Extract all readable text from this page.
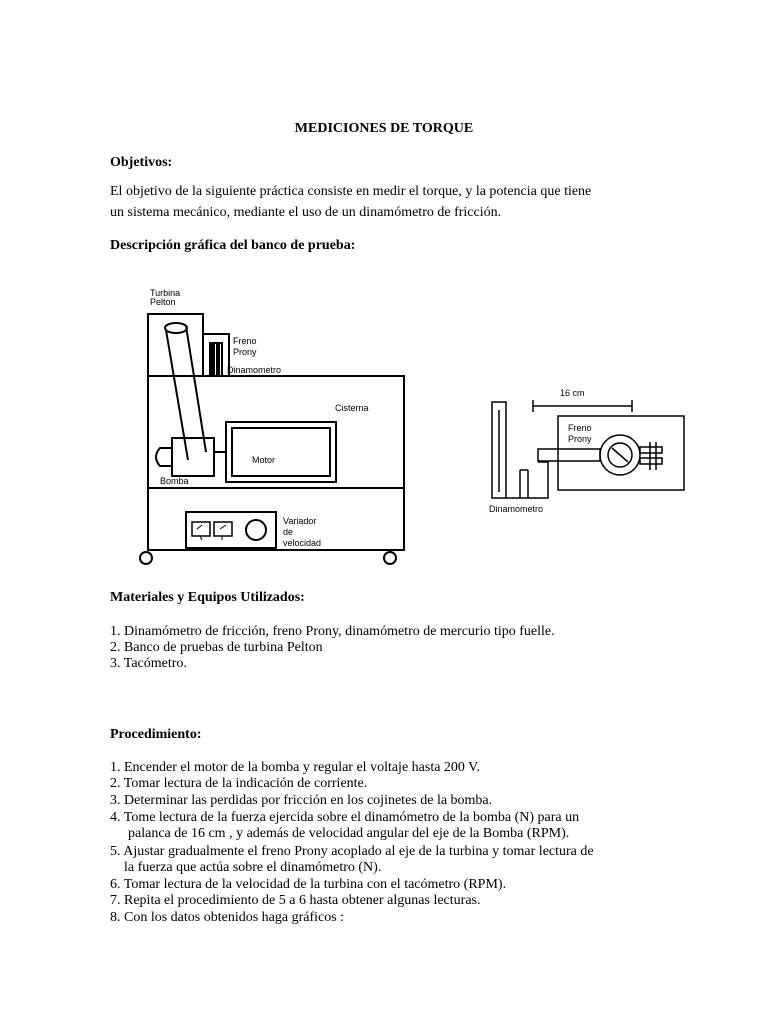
MEDICIONES DE TORQUE
Objetivos:
El objetivo de la siguiente práctica consiste en medir el torque, y la potencia que tiene
un sistema mecánico, mediante el uso de un dinamómetro de fricción.
Descripción gráfica del banco de prueba:
Turbina
Pelton
Freno
Prony
Dinamometro
Cisterna
Motor
Bomba
Variador
de
velocidad
16 cm
Freno
Prony
Dinamometro
Materiales y Equipos Utilizados:
1. Dinamómetro de fricción, freno Prony, dinamómetro de mercurio tipo fuelle.
2. Banco de pruebas de turbina Pelton
3. Tacómetro.
Procedimiento:
1. Encender el motor de la bomba y regular el voltaje hasta 200 V.
2. Tomar lectura de la indicación de corriente.
3. Determinar las perdidas por fricción en los cojinetes de la bomba.
4. Tome lectura de la fuerza ejercida sobre el dinamómetro de la bomba (N) para un
palanca de 16 cm , y además de velocidad angular del eje de la Bomba (RPM).
5. Ajustar gradualmente el freno Prony acoplado al eje de la turbina y tomar lectura de
la fuerza que actúa sobre el dinamómetro (N).
6. Tomar lectura de la velocidad de la turbina con el tacómetro (RPM).
7. Repita el procedimiento de 5 a 6 hasta obtener algunas lecturas.
8. Con los datos obtenidos haga gráficos :
